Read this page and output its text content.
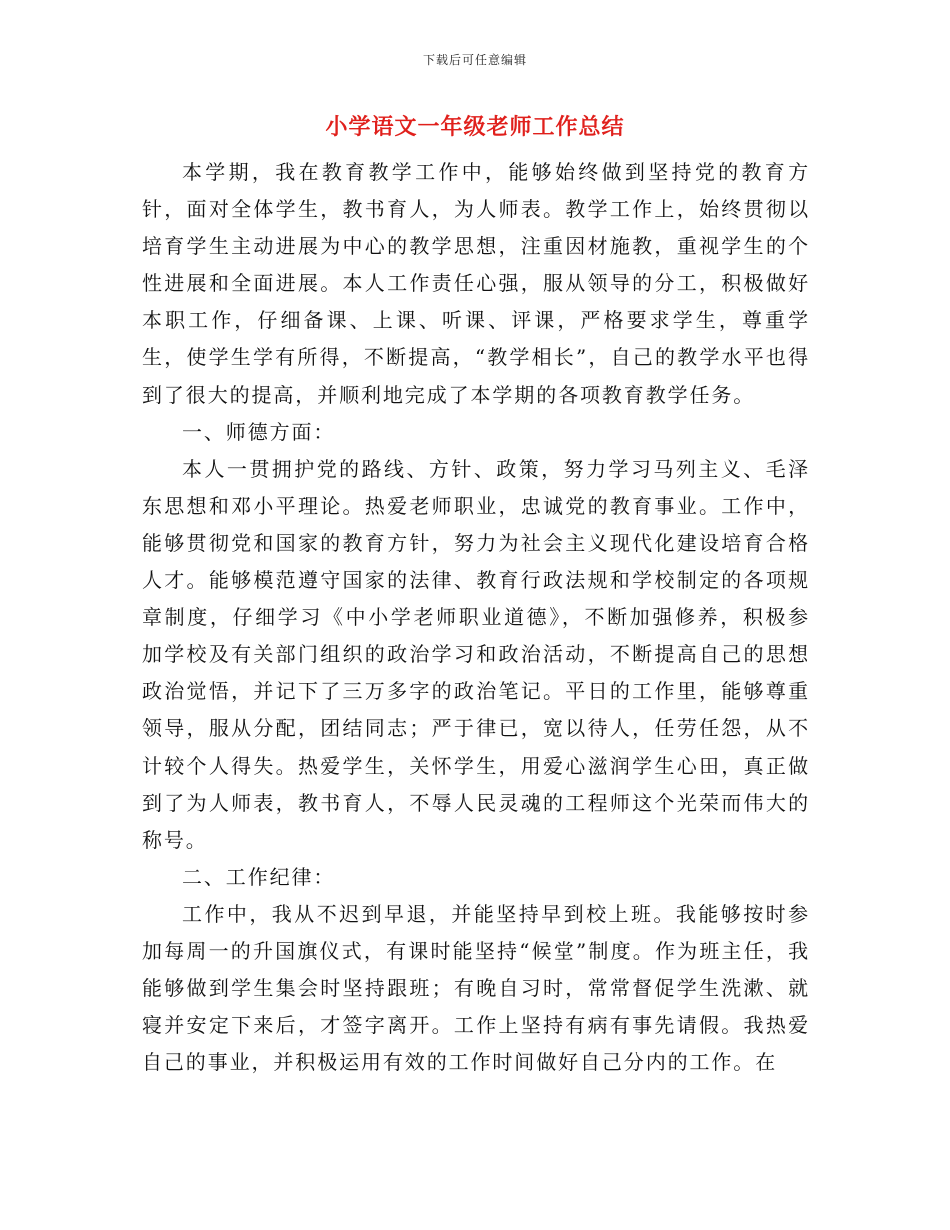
下载后可任意编辑
小学语文一年级老师工作总结

本学期，我在教育教学工作中，能够始终做到坚持党的教育方针，面对全体学生，教书育人，为人师表。教学工作上，始终贯彻以培育学生主动进展为中心的教学思想，注重因材施教，重视学生的个性进展和全面进展。本人工作责任心强，服从领导的分工，积极做好本职工作，仔细备课、上课、听课、评课，严格要求学生，尊重学生，使学生学有所得，不断提高，“教学相长”，自己的教学水平也得到了很大的提高，并顺利地完成了本学期的各项教育教学任务。

一、师德方面：

本人一贯拥护党的路线、方针、政策，努力学习马列主义、毛泽东思想和邓小平理论。热爱老师职业，忠诚党的教育事业。工作中，能够贯彻党和国家的教育方针，努力为社会主义现代化建设培育合格人才。能够模范遵守国家的法律、教育行政法规和学校制定的各项规章制度，仔细学习《中小学老师职业道德》，不断加强修养，积极参加学校及有关部门组织的政治学习和政治活动，不断提高自己的思想政治觉悟，并记下了三万多字的政治笔记。平日的工作里，能够尊重领导，服从分配，团结同志；严于律已，宽以待人，任劳任怨，从不计较个人得失。热爱学生，关怀学生，用爱心滋润学生心田，真正做到了为人师表，教书育人，不辱人民灵魂的工程师这个光荣而伟大的称号。

二、工作纪律：

工作中，我从不迟到早退，并能坚持早到校上班。我能够按时参加每周一的升国旗仪式，有课时能坚持“候堂”制度。作为班主任，我能够做到学生集会时坚持跟班；有晚自习时，常常督促学生洗漱、就寝并安定下来后，才签字离开。工作上坚持有病有事先请假。我热爱自己的事业，并积极运用有效的工作时间做好自己分内的工作。在
